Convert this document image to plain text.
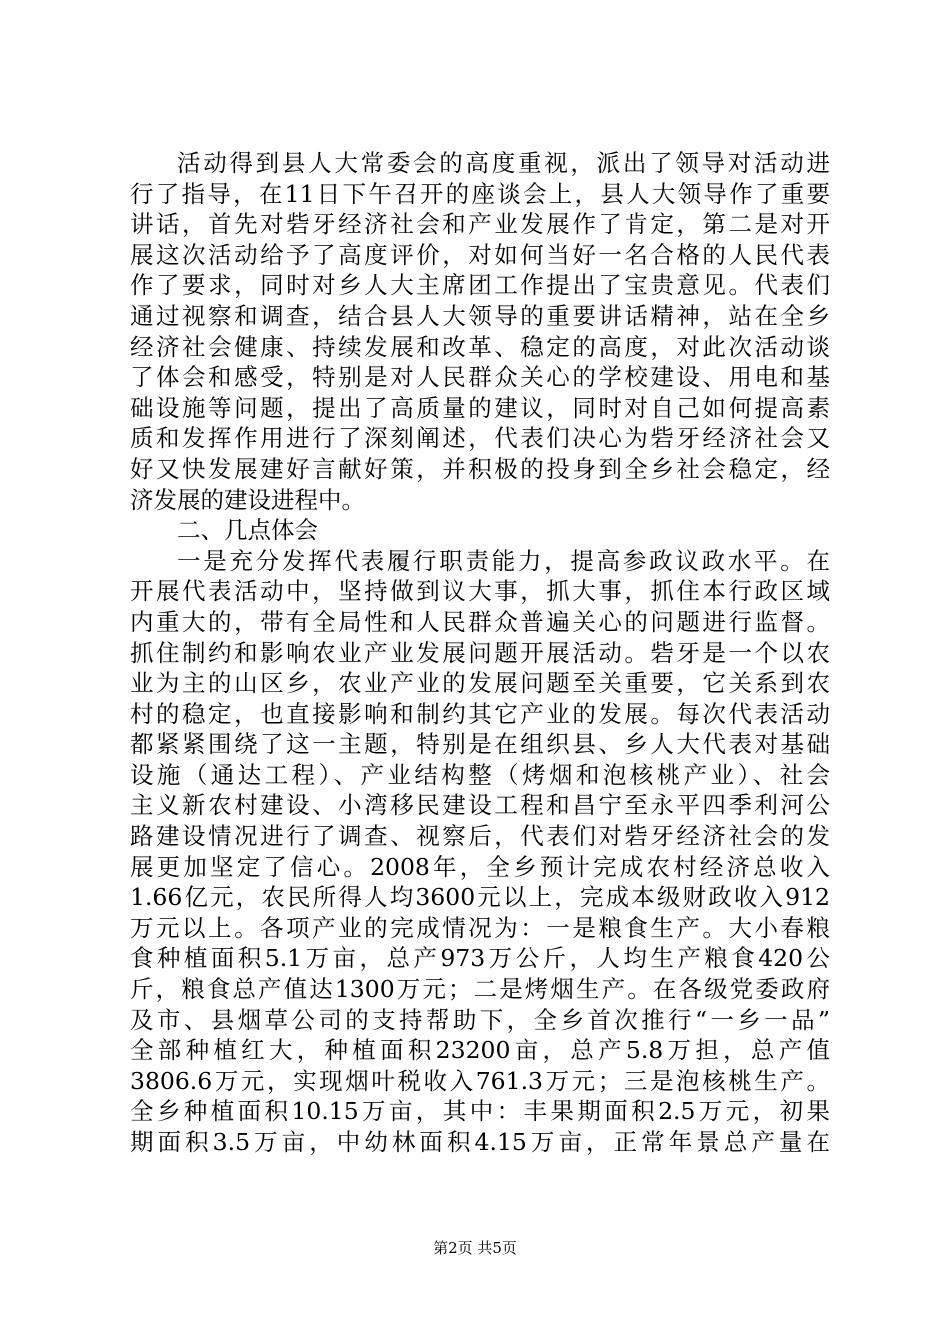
活动得到县人大常委会的高度重视，派出了领导对活动进
行了指导，在11日下午召开的座谈会上，县人大领导作了重要
讲话，首先对砦牙经济社会和产业发展作了肯定，第二是对开
展这次活动给予了高度评价，对如何当好一名合格的人民代表
作了要求，同时对乡人大主席团工作提出了宝贵意见。代表们
通过视察和调查，结合县人大领导的重要讲话精神，站在全乡
经济社会健康、持续发展和改革、稳定的高度，对此次活动谈
了体会和感受，特别是对人民群众关心的学校建设、用电和基
础设施等问题，提出了高质量的建议，同时对自己如何提高素
质和发挥作用进行了深刻阐述，代表们决心为砦牙经济社会又
好又快发展建好言献好策，并积极的投身到全乡社会稳定，经
济发展的建设进程中。
二、几点体会
一是充分发挥代表履行职责能力，提高参政议政水平。在
开展代表活动中，坚持做到议大事，抓大事，抓住本行政区域
内重大的，带有全局性和人民群众普遍关心的问题进行监督。
抓住制约和影响农业产业发展问题开展活动。砦牙是一个以农
业为主的山区乡，农业产业的发展问题至关重要，它关系到农
村的稳定，也直接影响和制约其它产业的发展。每次代表活动
都紧紧围绕了这一主题，特别是在组织县、乡人大代表对基础
设施（通达工程）、产业结构整（烤烟和泡核桃产业）、社会
主义新农村建设、小湾移民建设工程和昌宁至永平四季利河公
路建设情况进行了调查、视察后，代表们对砦牙经济社会的发
展更加坚定了信心。2008年，全乡预计完成农村经济总收入
1.66亿元，农民所得人均3600元以上，完成本级财政收入912
万元以上。各项产业的完成情况为：一是粮食生产。大小春粮
食种植面积5.1万亩，总产973万公斤，人均生产粮食420公
斤，粮食总产值达1300万元；二是烤烟生产。在各级党委政府
及市、县烟草公司的支持帮助下，全乡首次推行“一乡一品”
全部种植红大，种植面积23200亩，总产5.8万担，总产值
3806.6万元，实现烟叶税收入761.3万元；三是泡核桃生产。
全乡种植面积10.15万亩，其中：丰果期面积2.5万元，初果
期面积3.5万亩，中幼林面积4.15万亩，正常年景总产量在
第2页 共5页
